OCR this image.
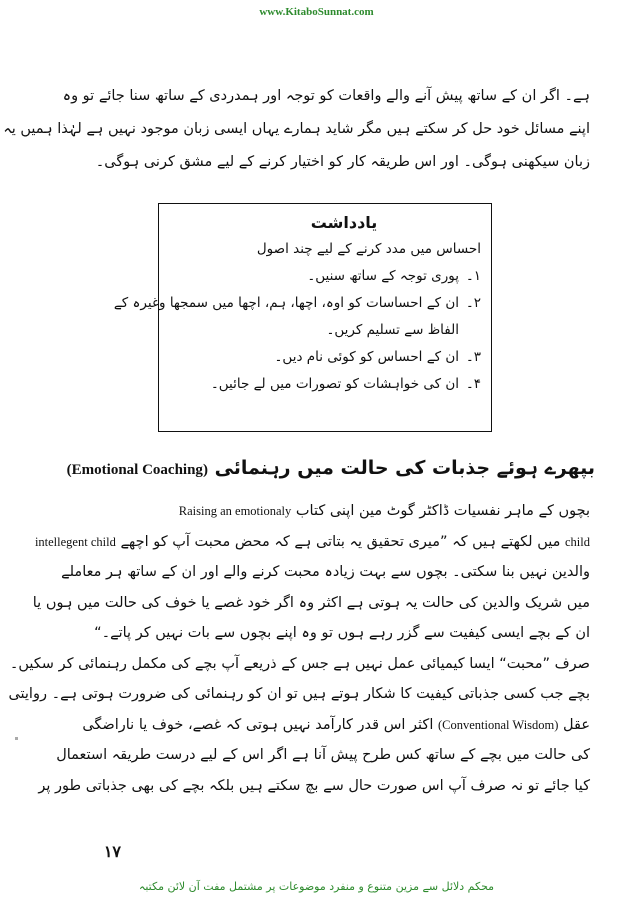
www.KitaboSunnat.com
ہے۔ اگر ان کے ساتھ پیش آنے والے واقعات کو توجہ اور ہمدردی کے ساتھ سنا جائے تو وہ
اپنے مسائل خود حل کر سکتے ہیں مگر شاید ہمارے یہاں ایسی زبان موجود نہیں ہے لہٰذا ہمیں یہ
زبان سیکھنی ہوگی۔ اور اس طریقہ کار کو اختیار کرنے کے لیے مشق کرنی ہوگی۔
یادداشت
احساس میں مدد کرنے کے لیے چند اصول
۱۔پوری توجہ کے ساتھ سنیں۔
۲۔ان کے احساسات کو اوہ، اچھا، ہم، اچھا میں سمجھا وغیرہ کے
الفاظ سے تسلیم کریں۔
۳۔ان کے احساس کو کوئی نام دیں۔
۴۔ان کی خواہشات کو تصورات میں لے جائیں۔
بپھرے ہوئے جذبات کی حالت میں رہنمائی (Emotional Coaching)
بچوں کے ماہر نفسیات ڈاکٹر گوٹ مین اپنی کتاب Raising an emotionaly
child میں لکھتے ہیں کہ ”میری تحقیق یہ بتاتی ہے کہ محض محبت آپ کو اچھے intellegent child
والدین نہیں بنا سکتی۔ بچوں سے بہت زیادہ محبت کرنے والے اور ان کے ساتھ ہر معاملے
میں شریک والدین کی حالت یہ ہوتی ہے اکثر وہ اگر خود غصے یا خوف کی حالت میں ہوں یا
ان کے بچے ایسی کیفیت سے گزر رہے ہوں تو وہ اپنے بچوں سے بات نہیں کر پاتے۔“
صرف ”محبت“ ایسا کیمیائی عمل نہیں ہے جس کے ذریعے آپ بچے کی مکمل رہنمائی کر سکیں۔
بچے جب کسی جذباتی کیفیت کا شکار ہوتے ہیں تو ان کو رہنمائی کی ضرورت ہوتی ہے۔ روایتی
عقل (Conventional Wisdom) اکثر اس قدر کارآمد نہیں ہوتی کہ غصے، خوف یا ناراضگی
کی حالت میں بچے کے ساتھ کس طرح پیش آنا ہے اگر اس کے لیے درست طریقہ استعمال
کیا جائے تو نہ صرف آپ اس صورت حال سے بچ سکتے ہیں بلکہ بچے کی بھی جذباتی طور پر
۱۷
محکم دلائل سے مزین متنوع و منفرد موضوعات پر مشتمل مفت آن لائن مکتبہ
